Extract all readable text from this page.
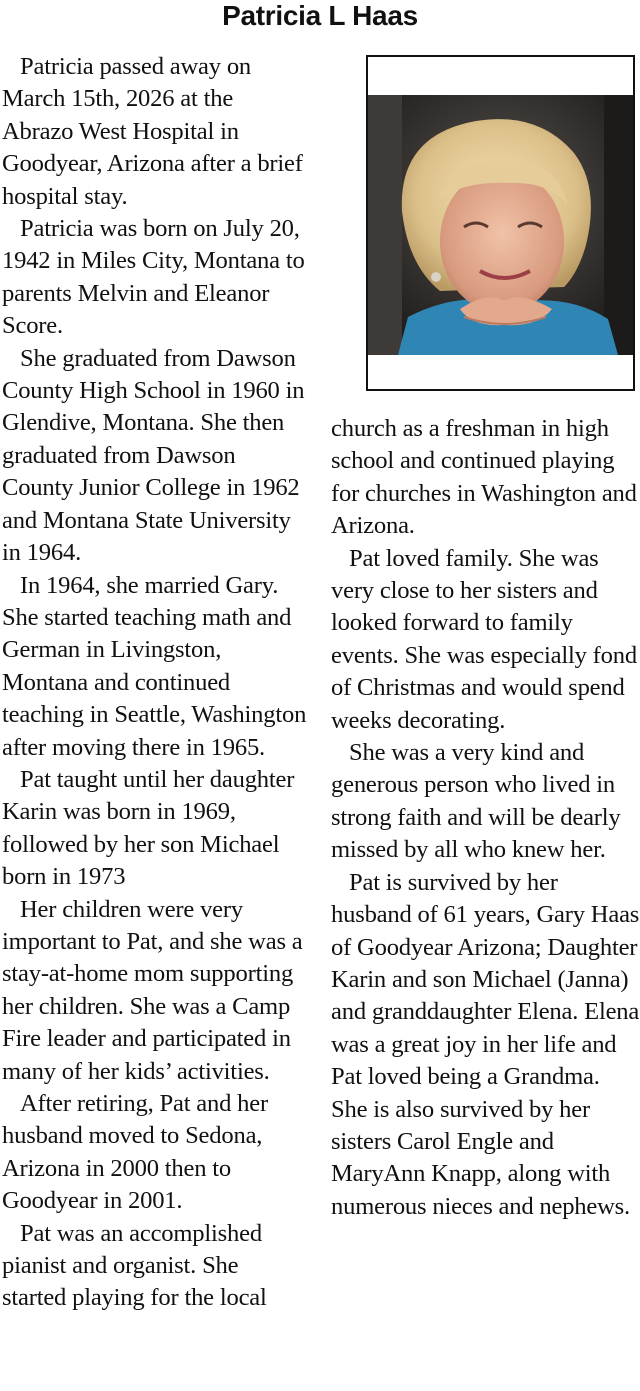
Patricia L Haas

Patricia passed away on March 15th, 2026 at the Abrazo West Hospital in Goodyear, Arizona after a brief hospital stay.

Patricia was born on July 20, 1942 in Miles City, Montana to parents Melvin and Eleanor Score.

She graduated from Dawson County High School in 1960 in Glendive, Montana. She then graduated from Dawson County Junior College in 1962 and Montana State University in 1964.

In 1964, she married Gary. She started teaching math and German in Livingston, Montana and continued teaching in Seattle, Washington after moving there in 1965.

Pat taught until her daughter Karin was born in 1969, followed by her son Michael born in 1973

Her children were very important to Pat, and she was a stay-at-home mom supporting her children. She was a Camp Fire leader and participated in many of her kids’ activities.

After retiring, Pat and her husband moved to Sedona, Arizona in 2000 then to Goodyear in 2001.

Pat was an accomplished pianist and organist. She started playing for the local

church as a freshman in high school and continued playing for churches in Washington and Arizona.

Pat loved family. She was very close to her sisters and looked forward to family events. She was especially fond of Christmas and would spend weeks decorating.

She was a very kind and generous person who lived in strong faith and will be dearly missed by all who knew her.

Pat is survived by her husband of 61 years, Gary Haas of Goodyear Arizona; Daughter Karin and son Michael (Janna) and granddaughter Elena. Elena was a great joy in her life and Pat loved being a Grandma. She is also survived by her sisters Carol Engle and MaryAnn Knapp, along with numerous nieces and nephews.
